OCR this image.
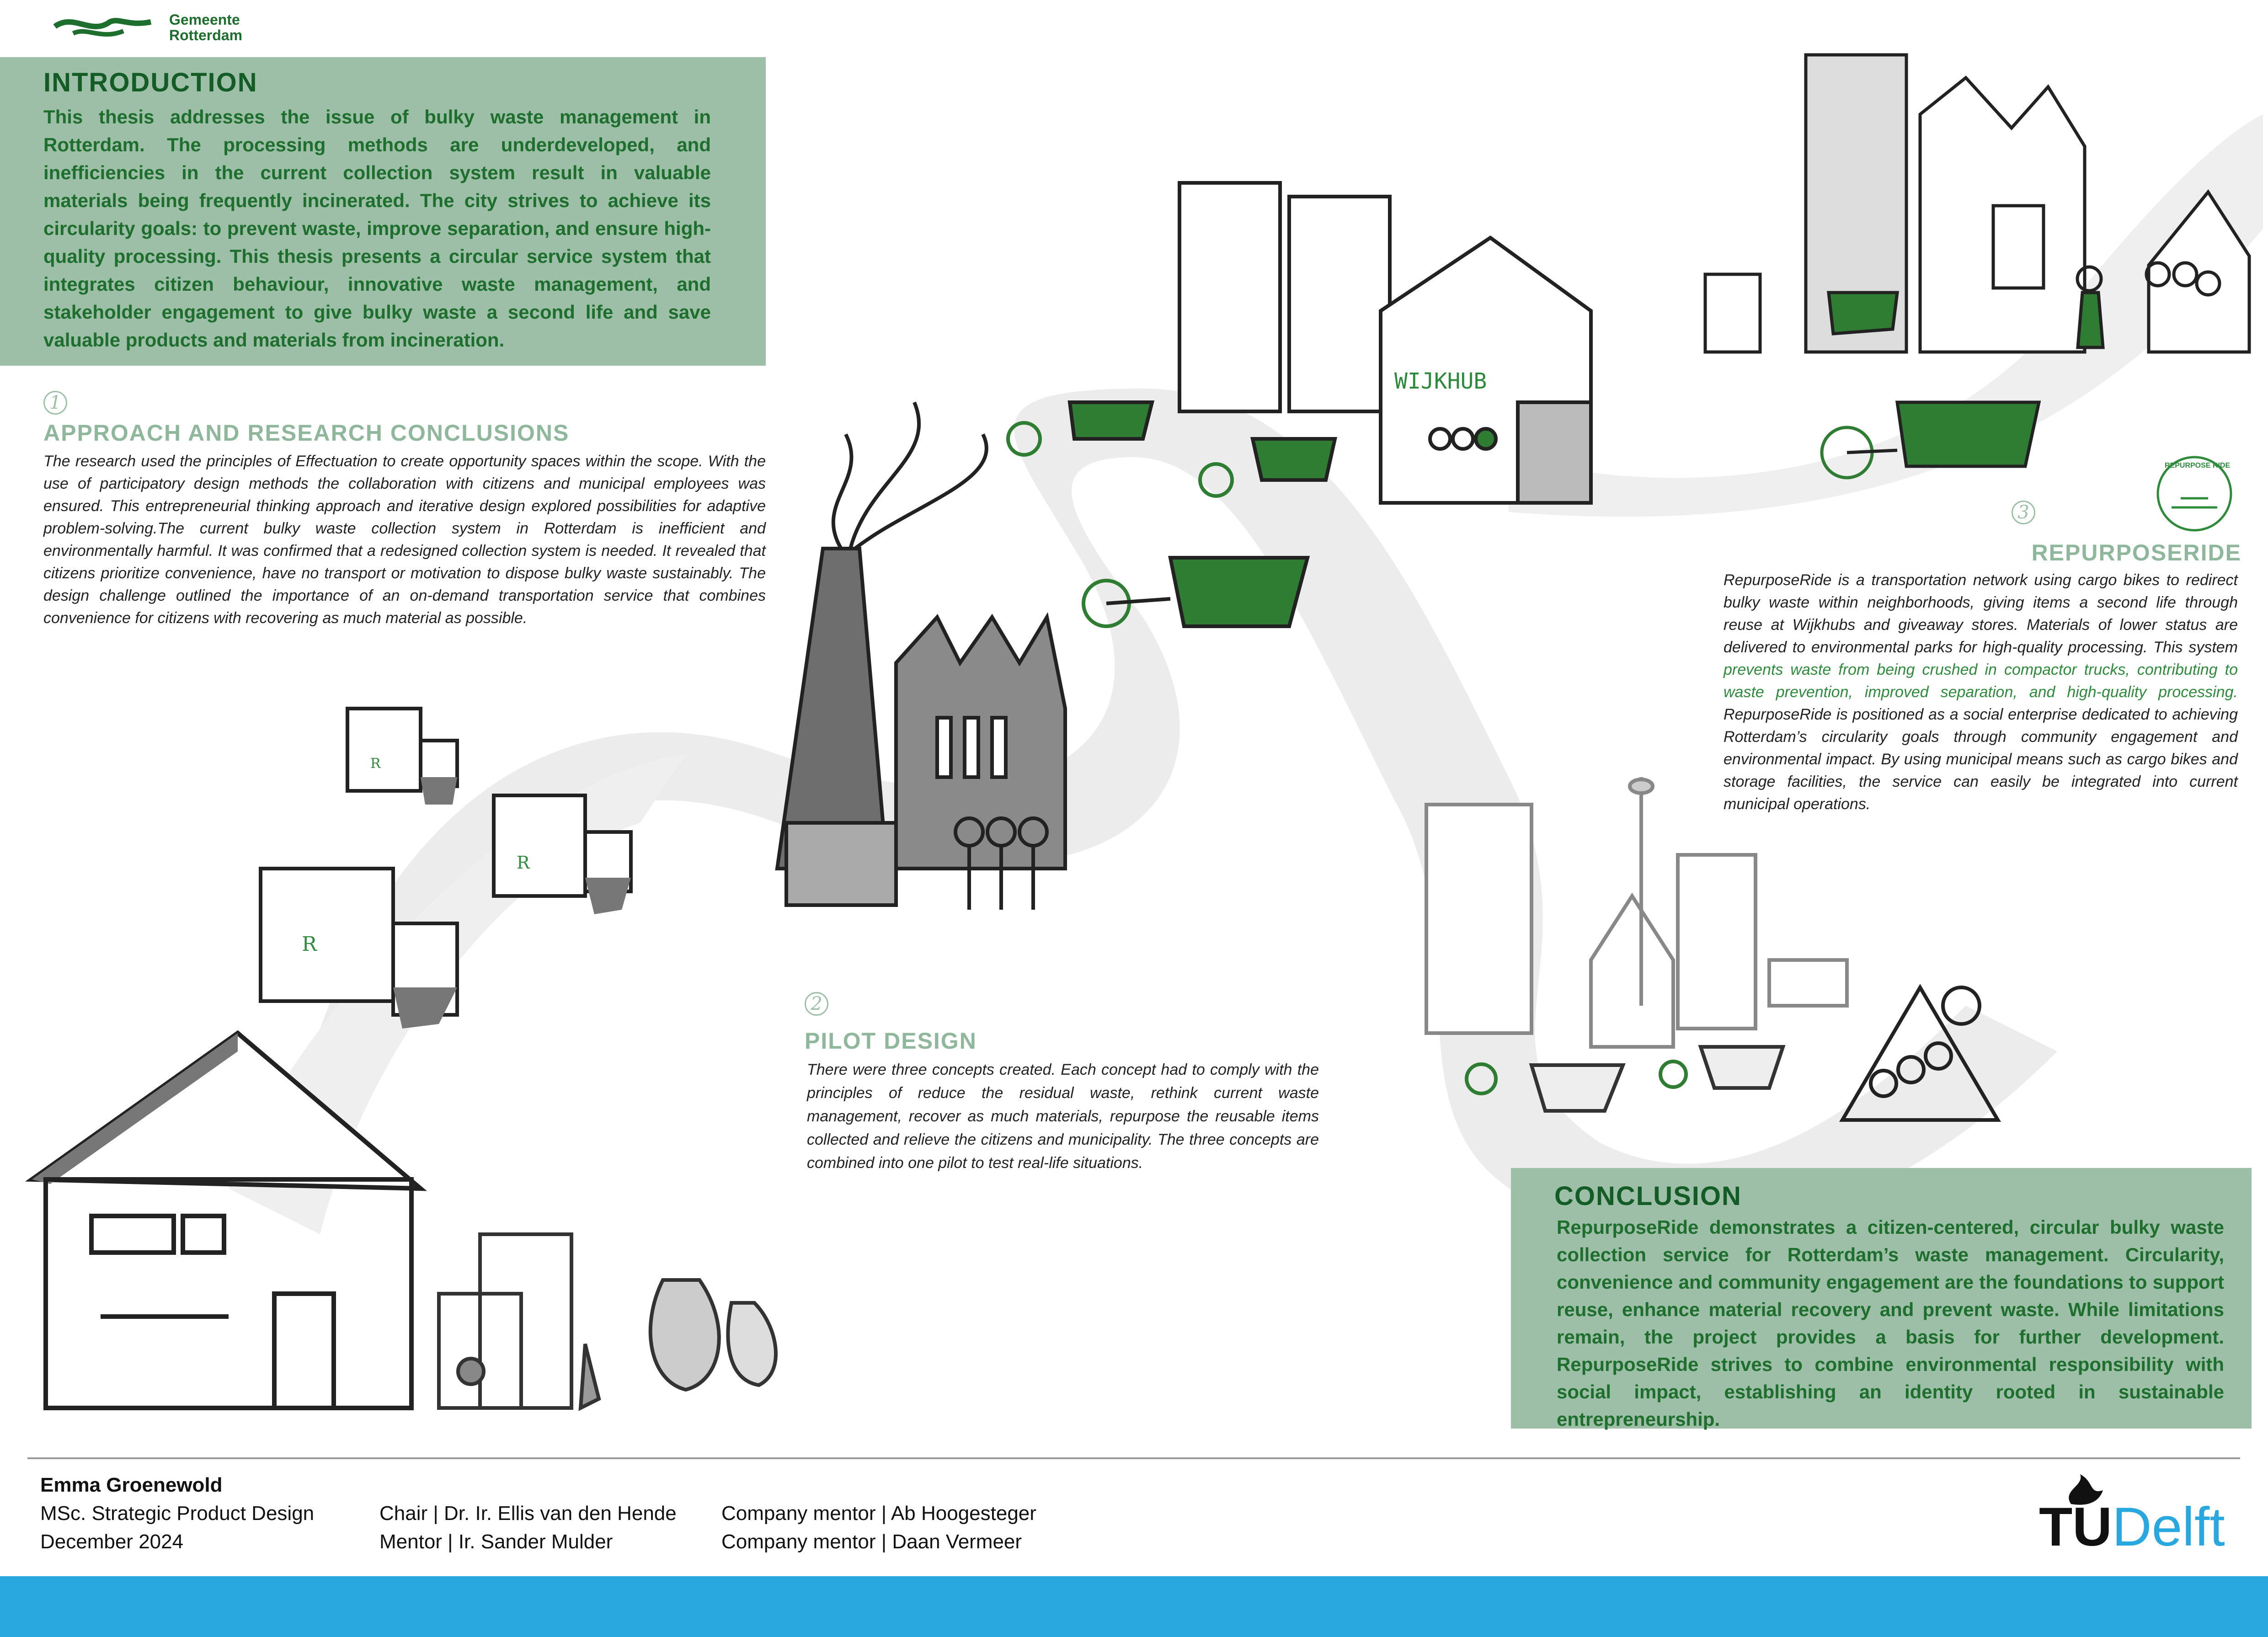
R
R
R
WIJKHUB
Gemeente
Rotterdam
INTRODUCTION

This thesis addresses the issue of bulky waste management in Rotterdam. The processing methods are underdeveloped, and inefficiencies in the current collection system result in valuable materials being frequently incinerated. The city strives to achieve its circularity goals: to prevent waste, improve separation, and ensure high-quality processing. This thesis presents a circular service system that integrates citizen behaviour, innovative waste management, and stakeholder engagement to give bulky waste a second life and save valuable products and materials from incineration.

1
APPROACH AND RESEARCH CONCLUSIONS

The research used the principles of Effectuation to create opportunity spaces within the scope. With the use of participatory design methods the collaboration with citizens and municipal employees was ensured. This entrepreneurial thinking approach and iterative design explored possibilities for adaptive problem-solving.The current bulky waste collection system in Rotterdam is inefficient and environmentally harmful. It was confirmed that a redesigned collection system is needed. It revealed that citizens prioritize convenience, have no transport or motivation to dispose bulky waste sustainably. The design challenge outlined the importance of an on-demand transportation service that combines convenience for citizens with recovering as much material as possible.

2
PILOT DESIGN

There were three concepts created. Each concept had to comply with the principles of reduce the residual waste, rethink current waste management, recover as much materials, repurpose the reusable items collected and relieve the citizens and municipality. The three concepts are combined into one pilot to test real-life situations.

3
REPURPOSE RIDE
REPURPOSERIDE

RepurposeRide is a transportation network using cargo bikes to redirect bulky waste within neighborhoods, giving items a second life through reuse at Wijkhubs and giveaway stores. Materials of lower status are delivered to environmental parks for high-quality processing. This system prevents waste from being crushed in compactor trucks, contributing to waste prevention, improved separation, and high-quality processing. RepurposeRide is positioned as a social enterprise dedicated to achieving Rotterdam’s circularity goals through community engagement and environmental impact. By using municipal means such as cargo bikes and storage facilities, the service can easily be integrated into current municipal operations.

CONCLUSION

RepurposeRide demonstrates a citizen-centered, circular bulky waste collection service for Rotterdam’s waste management. Circularity, convenience and community engagement are the foundations to support reuse, enhance material recovery and prevent waste. While limitations remain, the project provides a basis for further development. RepurposeRide strives to combine environmental responsibility with social impact, establishing an identity rooted in sustainable entrepreneurship.

Emma Groenewold
MSc. Strategic Product Design
December 2024
Chair | Dr. Ir. Ellis van den Hende
Mentor | Ir. Sander Mulder
Company mentor | Ab Hoogesteger
Company mentor | Daan Vermeer	TUDelft
